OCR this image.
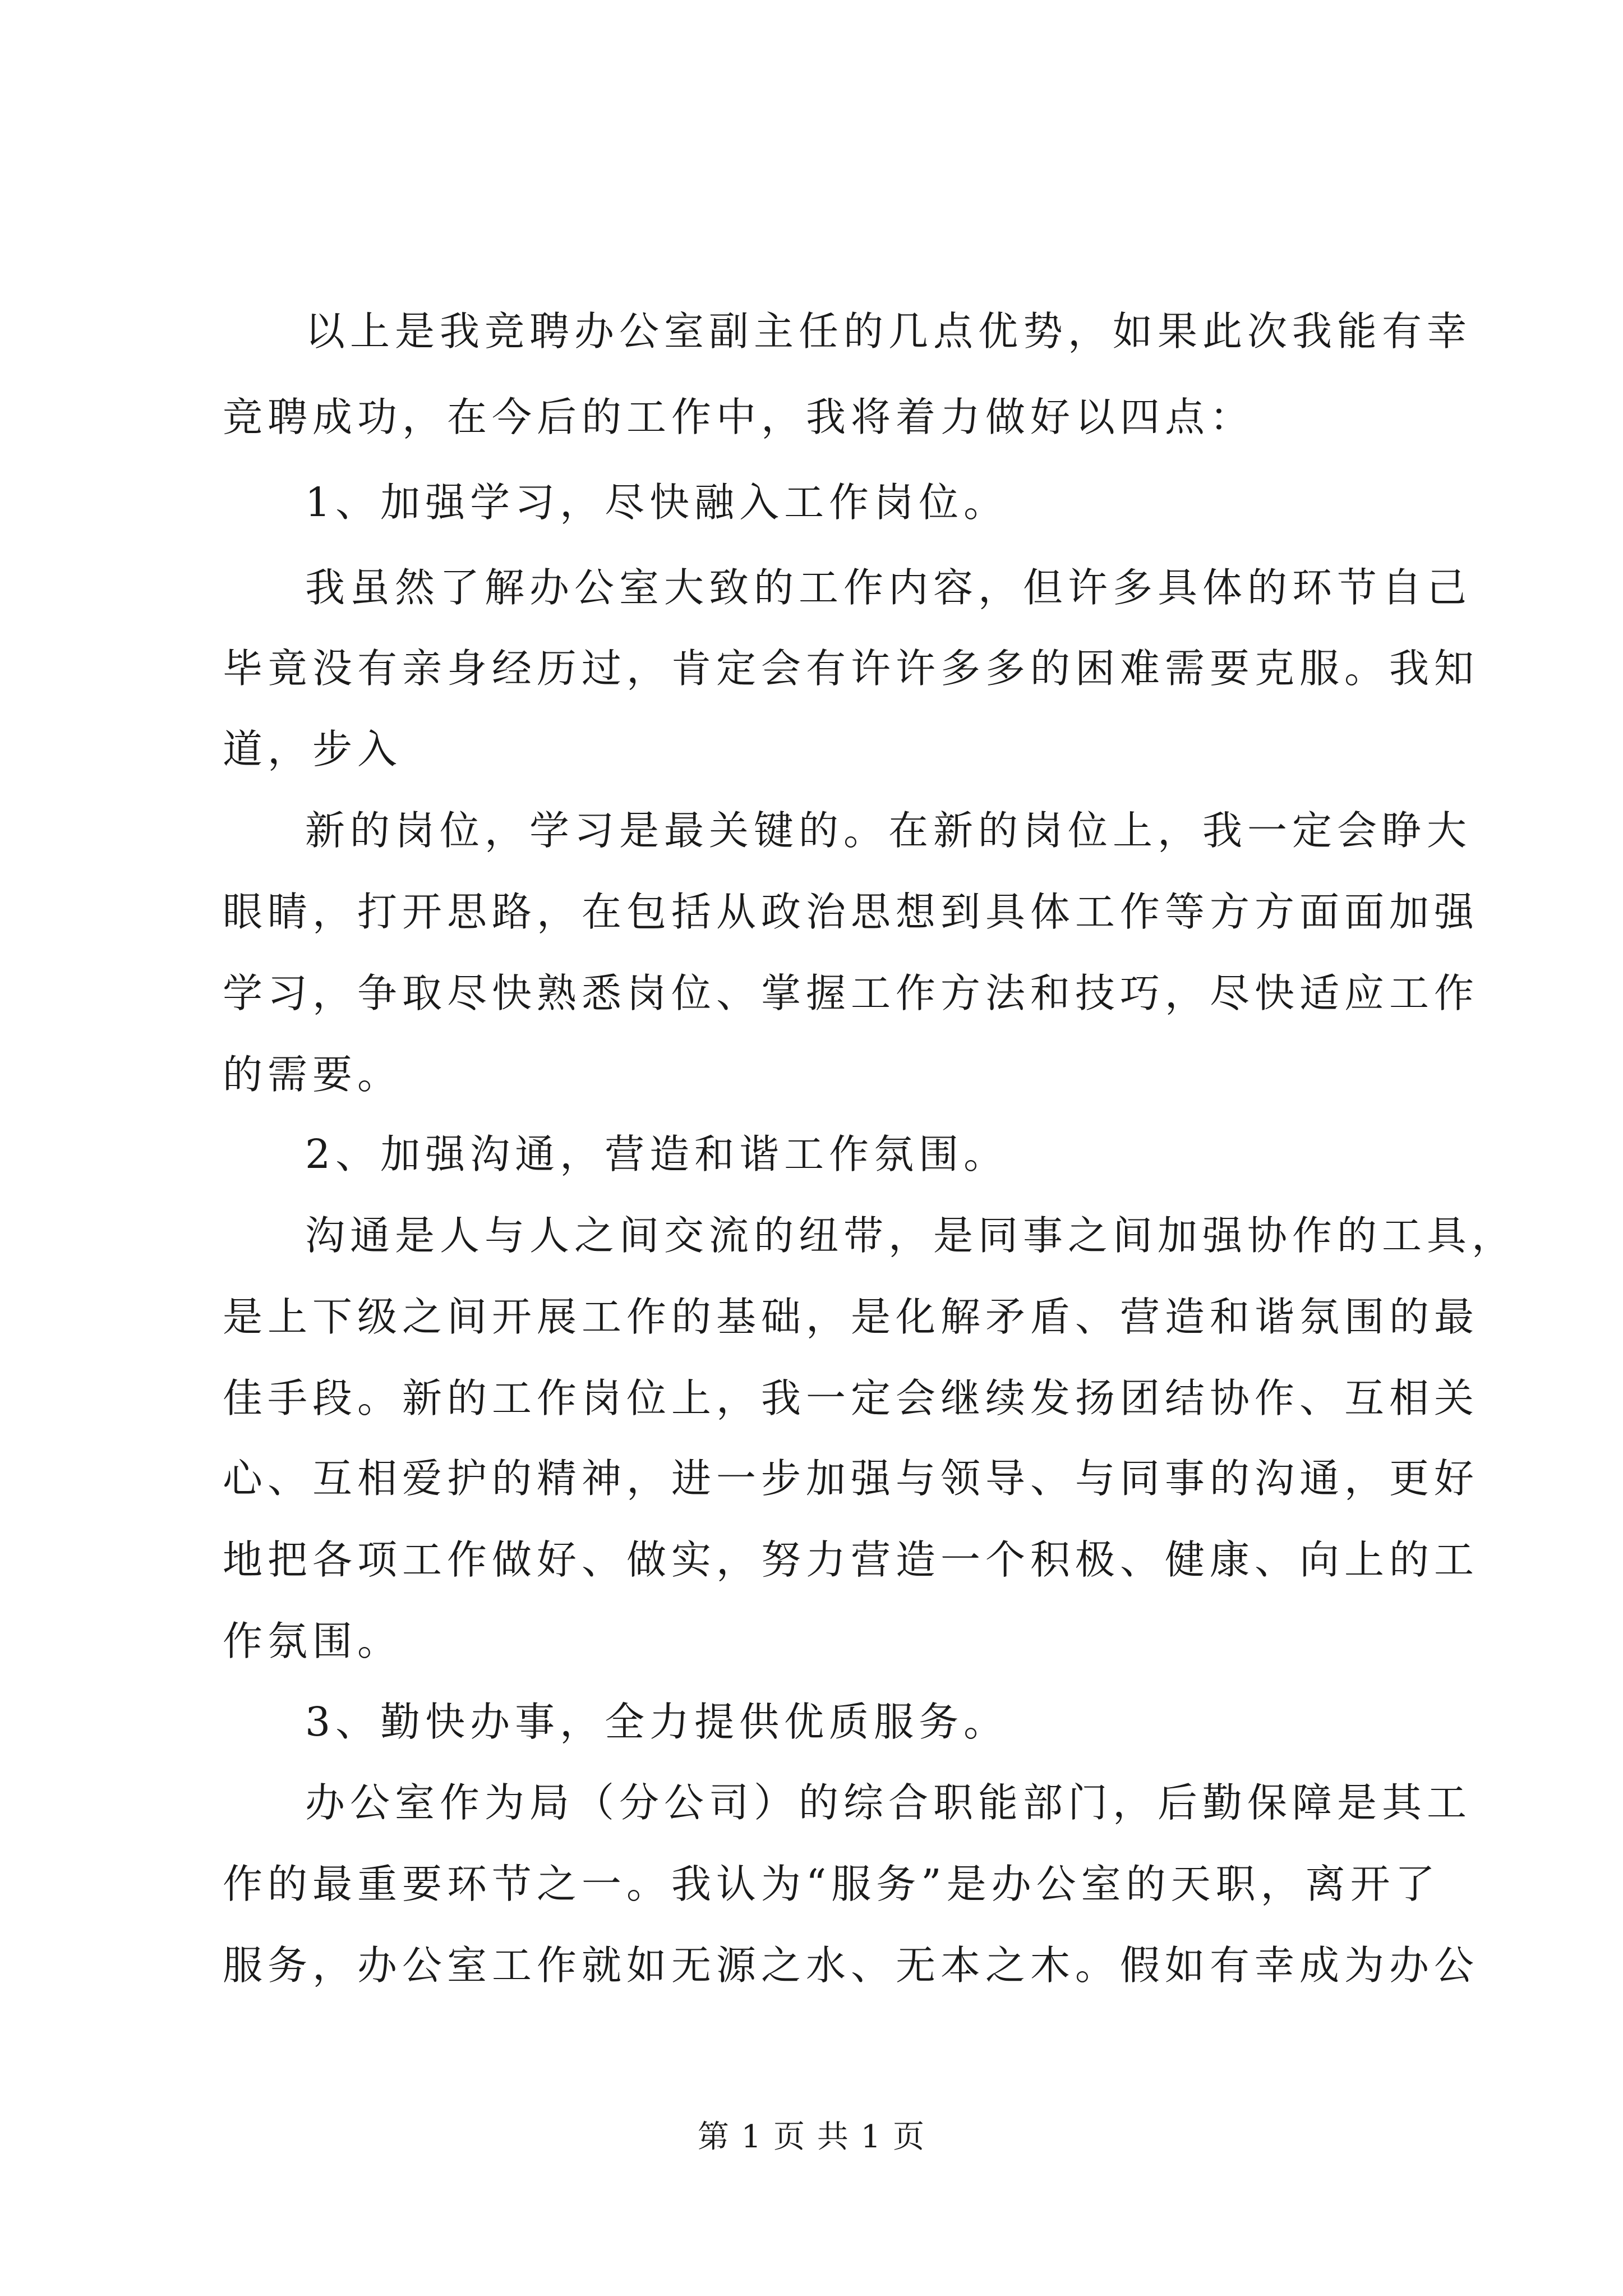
以上是我竞聘办公室副主任的几点优势，如果此次我能有幸
竞聘成功，在今后的工作中，我将着力做好以四点：
1、加强学习，尽快融入工作岗位。
我虽然了解办公室大致的工作内容，但许多具体的环节自己
毕竟没有亲身经历过，肯定会有许许多多的困难需要克服。我知
道，步入
新的岗位，学习是最关键的。在新的岗位上，我一定会睁大
眼睛，打开思路，在包括从政治思想到具体工作等方方面面加强
学习，争取尽快熟悉岗位、掌握工作方法和技巧，尽快适应工作
的需要。
2、加强沟通，营造和谐工作氛围。
沟通是人与人之间交流的纽带，是同事之间加强协作的工具，
是上下级之间开展工作的基础，是化解矛盾、营造和谐氛围的最
佳手段。新的工作岗位上，我一定会继续发扬团结协作、互相关
心、互相爱护的精神，进一步加强与领导、与同事的沟通，更好
地把各项工作做好、做实，努力营造一个积极、健康、向上的工
作氛围。
3、勤快办事，全力提供优质服务。
办公室作为局（分公司）的综合职能部门，后勤保障是其工
作的最重要环节之一。我认为“服务”是办公室的天职，离开了
服务，办公室工作就如无源之水、无本之木。假如有幸成为办公
第 1 页 共 1 页
